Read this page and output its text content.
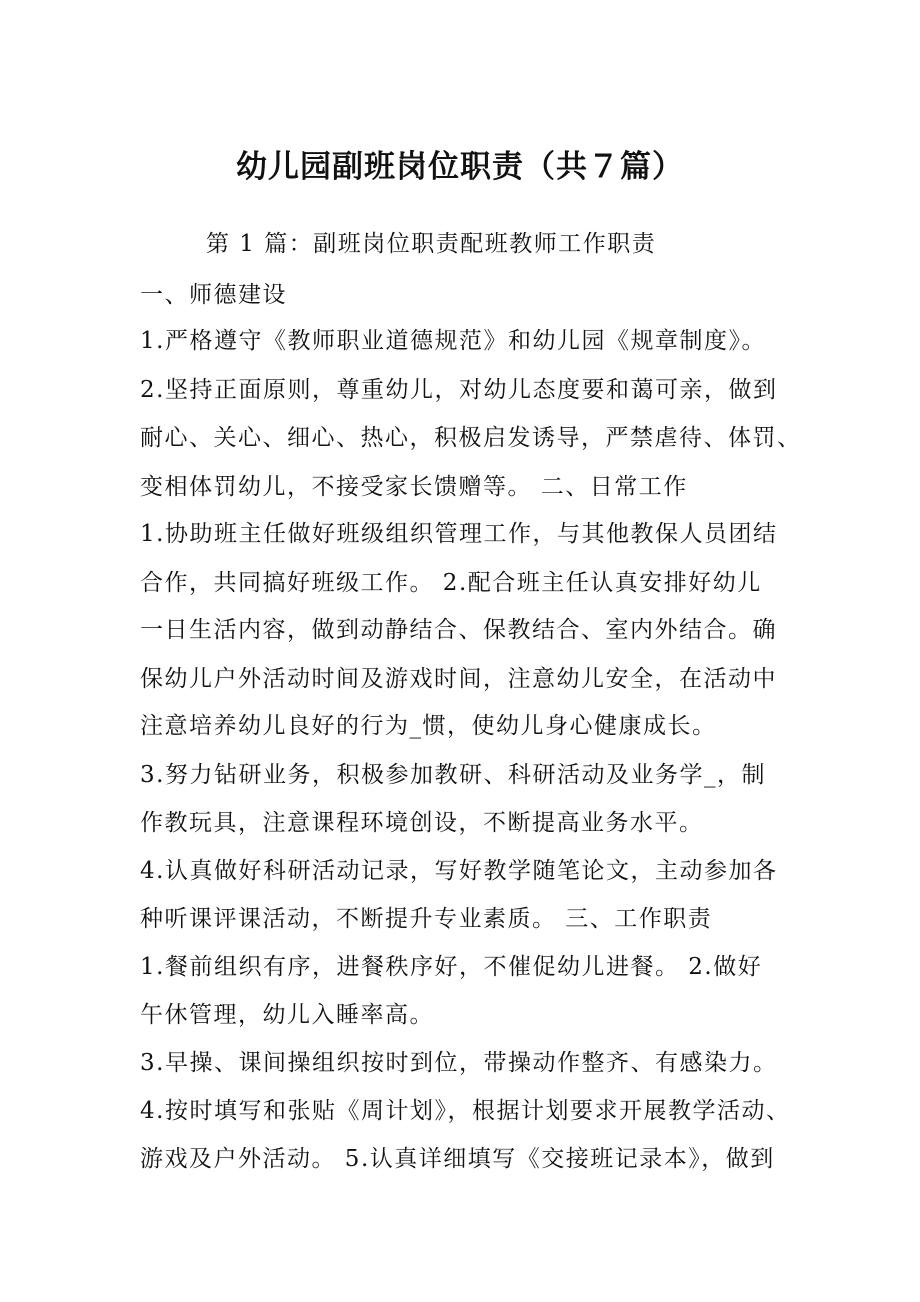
幼儿园副班岗位职责（共７篇）
第 1 篇：副班岗位职责配班教师工作职责
一、师德建设
1.严格遵守《教师职业道德规范》和幼儿园《规章制度》。
2.坚持正面原则，尊重幼儿，对幼儿态度要和蔼可亲，做到
耐心、关心、细心、热心，积极启发诱导，严禁虐待、体罚、
变相体罚幼儿，不接受家长馈赠等。 二、日常工作
1.协助班主任做好班级组织管理工作，与其他教保人员团结
合作，共同搞好班级工作。 2.配合班主任认真安排好幼儿
一日生活内容，做到动静结合、保教结合、室内外结合。确
保幼儿户外活动时间及游戏时间，注意幼儿安全，在活动中
注意培养幼儿良好的行为_惯，使幼儿身心健康成长。
3.努力钻研业务，积极参加教研、科研活动及业务学_，制
作教玩具，注意课程环境创设，不断提高业务水平。
4.认真做好科研活动记录，写好教学随笔论文，主动参加各
种听课评课活动，不断提升专业素质。 三、工作职责
1.餐前组织有序，进餐秩序好，不催促幼儿进餐。 2.做好
午休管理，幼儿入睡率高。
3.早操、课间操组织按时到位，带操动作整齐、有感染力。
4.按时填写和张贴《周计划》，根据计划要求开展教学活动、
游戏及户外活动。 5.认真详细填写《交接班记录本》，做到
